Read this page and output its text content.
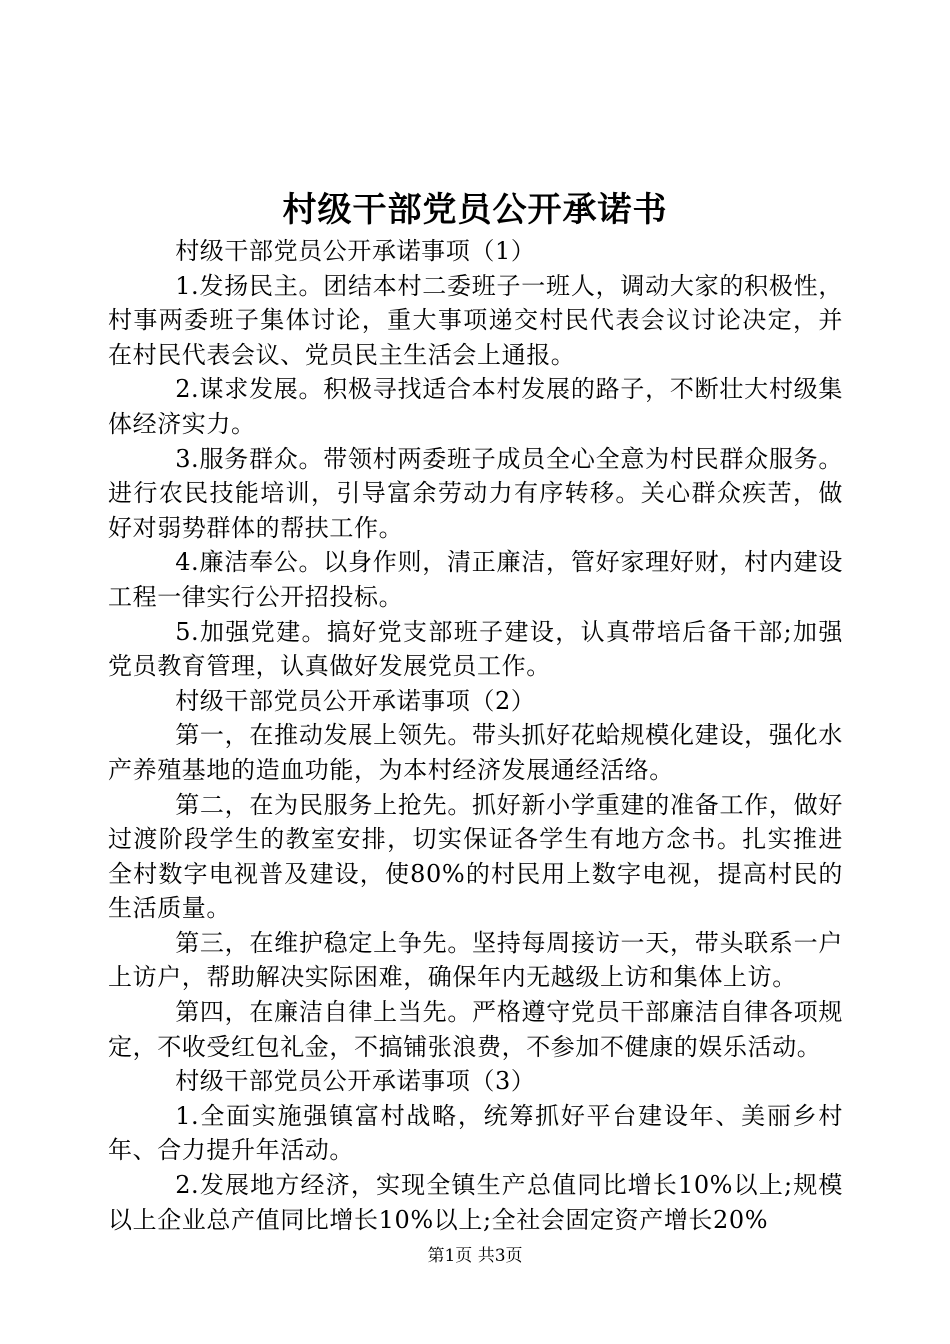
村级干部党员公开承诺书

村级干部党员公开承诺事项（1）

1.发扬民主。团结本村二委班子一班人，调动大家的积极性，村事两委班子集体讨论，重大事项递交村民代表会议讨论决定，并在村民代表会议、党员民主生活会上通报。

2.谋求发展。积极寻找适合本村发展的路子，不断壮大村级集体经济实力。

3.服务群众。带领村两委班子成员全心全意为村民群众服务。进行农民技能培训，引导富余劳动力有序转移。关心群众疾苦，做好对弱势群体的帮扶工作。

4.廉洁奉公。以身作则，清正廉洁，管好家理好财，村内建设工程一律实行公开招投标。

5.加强党建。搞好党支部班子建设，认真带培后备干部;加强党员教育管理，认真做好发展党员工作。

村级干部党员公开承诺事项（2）

第一，在推动发展上领先。带头抓好花蛤规模化建设，强化水产养殖基地的造血功能，为本村经济发展通经活络。

第二，在为民服务上抢先。抓好新小学重建的准备工作，做好过渡阶段学生的教室安排，切实保证各学生有地方念书。扎实推进全村数字电视普及建设，使80%的村民用上数字电视，提高村民的生活质量。

第三，在维护稳定上争先。坚持每周接访一天，带头联系一户上访户，帮助解决实际困难，确保年内无越级上访和集体上访。

第四，在廉洁自律上当先。严格遵守党员干部廉洁自律各项规定，不收受红包礼金，不搞铺张浪费，不参加不健康的娱乐活动。

村级干部党员公开承诺事项（3）

1.全面实施强镇富村战略，统筹抓好平台建设年、美丽乡村年、合力提升年活动。

2.发展地方经济，实现全镇生产总值同比增长10%以上;规模以上企业总产值同比增长10%以上;全社会固定资产增长20%

第1页 共3页
